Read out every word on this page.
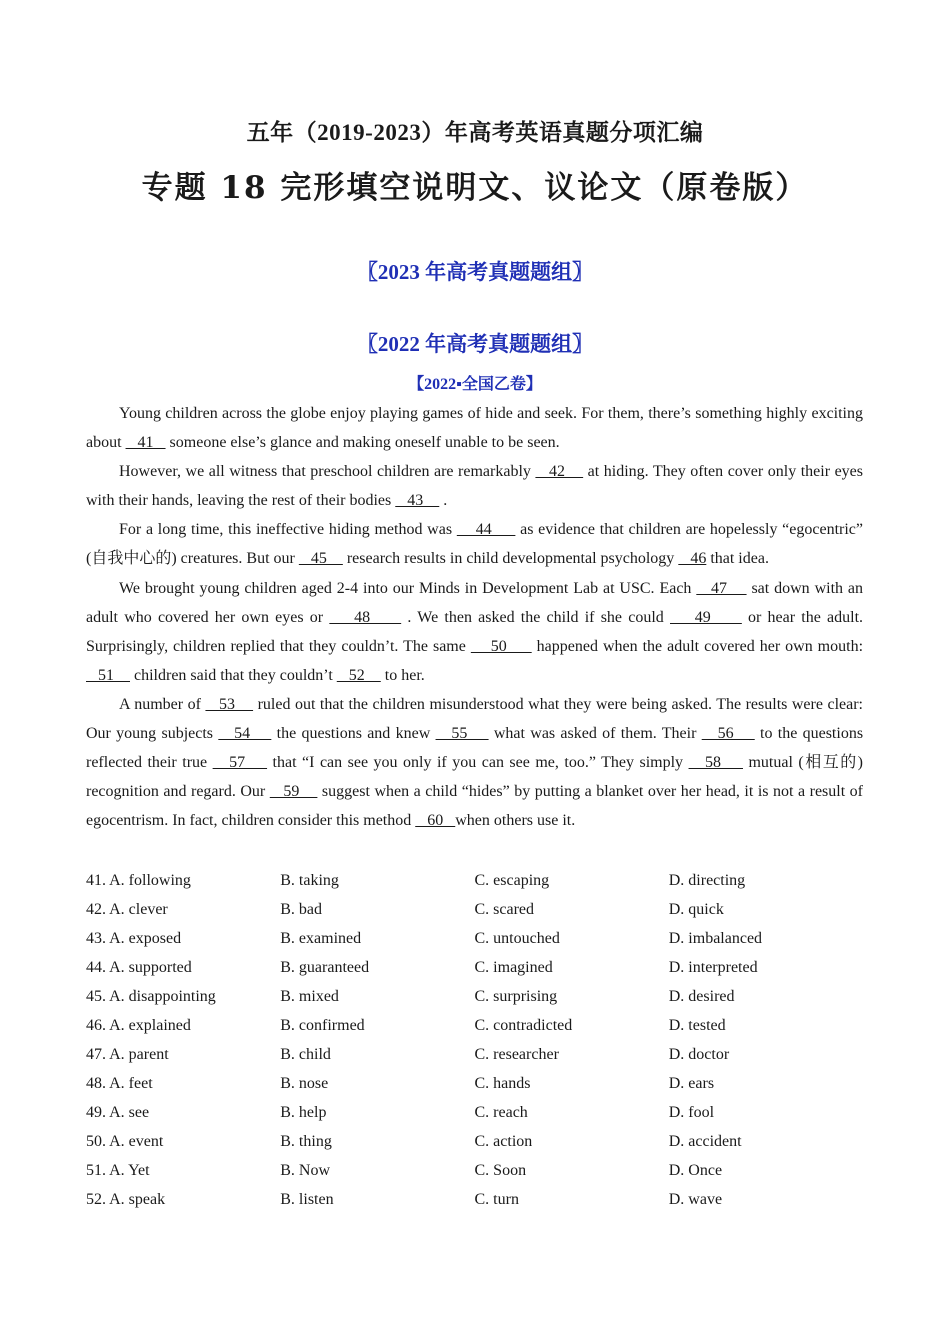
五年（2019-2023）年高考英语真题分项汇编
专题 18 完形填空说明文、议论文（原卷版）
〖2023 年高考真题题组〗
〖2022 年高考真题题组〗
【2022▪全国乙卷】

Young children across the globe enjoy playing games of hide and seek. For them, there’s something highly exciting about    41    someone else’s glance and making oneself unable to be seen.

However, we all witness that preschool children are remarkably    42     at hiding. They often cover only their eyes with their hands, leaving the rest of their bodies    43     .

For a long time, this ineffective hiding method was     44      as evidence that children are hopelessly “egocentric” (自我中心的) creatures. But our    45     research results in child developmental psychology    46 that idea.

We brought young children aged 2-4 into our Minds in Development Lab at USC. Each    47     sat down with an adult who covered her own eyes or     48      . We then asked the child if she could     49      or hear the adult. Surprisingly, children replied that they couldn’t. The same     50      happened when the adult covered her own mouth:   51     children said that they couldn’t    52     to her.

A number of    53     ruled out that the children misunderstood what they were being asked. The results were clear: Our young subjects    54     the questions and knew    55     what was asked of them. Their    56     to the questions reflected their true    57     that “I can see you only if you can see me, too.” They simply    58     mutual (相互的) recognition and regard. Our    59     suggest when a child “hides” by putting a blanket over her head, it is not a result of egocentrism. In fact, children consider this method    60   when others use it.

41. A. following	B. taking	C. escaping	D. directing
42. A. clever	B. bad	C. scared	D. quick
43. A. exposed	B. examined	C. untouched	D. imbalanced
44. A. supported	B. guaranteed	C. imagined	D. interpreted
45. A. disappointing	B. mixed	C. surprising	D. desired
46. A. explained	B. confirmed	C. contradicted	D. tested
47. A. parent	B. child	C. researcher	D. doctor
48. A. feet	B. nose	C. hands	D. ears
49. A. see	B. help	C. reach	D. fool
50. A. event	B. thing	C. action	D. accident
51. A. Yet	B. Now	C. Soon	D. Once
52. A. speak	B. listen	C. turn	D. wave
